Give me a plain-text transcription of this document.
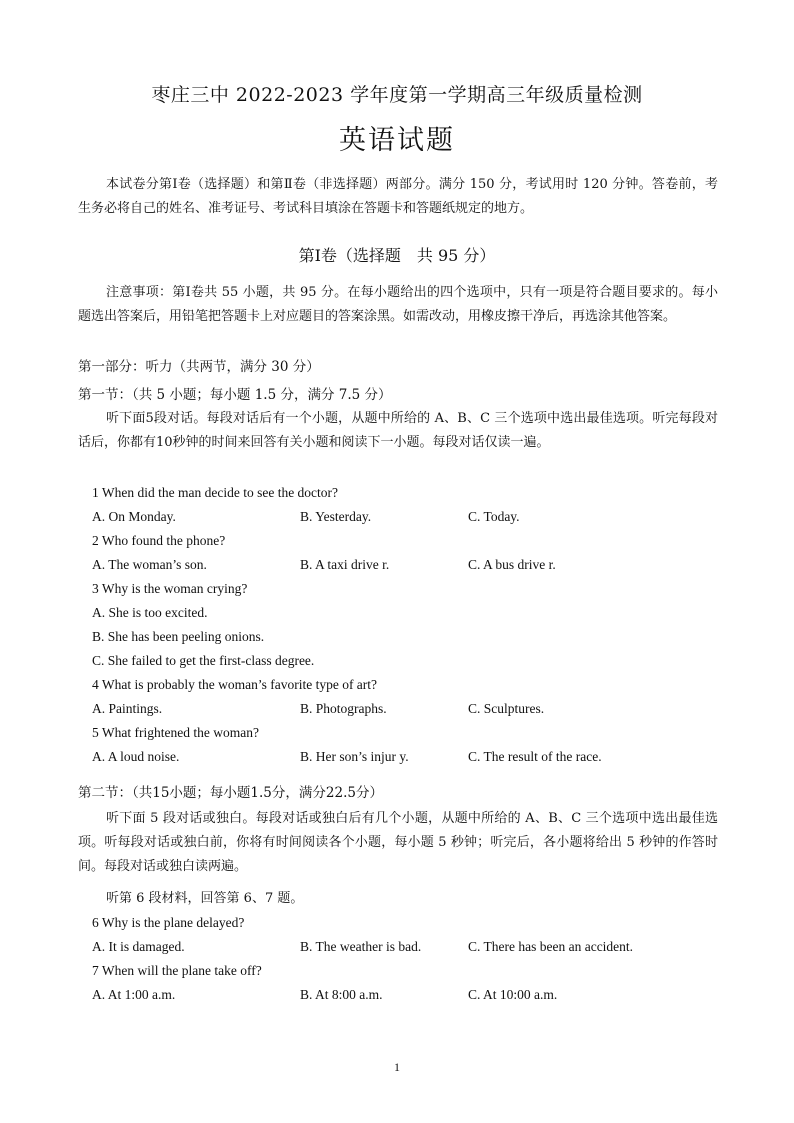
枣庄三中 2022-2023 学年度第一学期高三年级质量检测
英语试题
本试卷分第Ⅰ卷（选择题）和第Ⅱ卷（非选择题）两部分。满分 150 分，考试用时 120 分钟。答卷前，考生务必将自己的姓名、准考证号、考试科目填涂在答题卡和答题纸规定的地方。
第Ⅰ卷（选择题　共 95 分）
注意事项：第Ⅰ卷共 55 小题，共 95 分。在每小题给出的四个选项中，只有一项是符合题目要求的。每小题选出答案后，用铅笔把答题卡上对应题目的答案涂黑。如需改动，用橡皮擦干净后，再选涂其他答案。
第一部分：听力（共两节，满分 30 分）
第一节：（共 5 小题；每小题 1.5 分，满分 7.5 分）
听下面5段对话。每段对话后有一个小题，从题中所给的 A、B、C 三个选项中选出最佳选项。听完每段对话后，你都有10秒钟的时间来回答有关小题和阅读下一小题。每段对话仅读一遍。
1 When did the man decide to see the doctor?
A. On Monday.	B. Yesterday.	C. Today.
2 Who found the phone?
A. The woman’s son.	B. A taxi drive r.	C. A bus drive r.
3 Why is the woman crying?
A. She is too excited.
B. She has been peeling onions.
C. She failed to get the first-class degree.
4 What is probably the woman’s favorite type of art?
A. Paintings.	B. Photographs.	C. Sculptures.
5 What frightened the woman?
A. A loud noise.	B. Her son’s injur y.	C. The result of the race.
第二节：（共15小题；每小题1.5分，满分22.5分）
听下面 5 段对话或独白。每段对话或独白后有几个小题，从题中所给的 A、B、C 三个选项中选出最佳选项。听每段对话或独白前，你将有时间阅读各个小题，每小题 5 秒钟；听完后，各小题将给出 5 秒钟的作答时间。每段对话或独白读两遍。
听第 6 段材料，回答第 6、7 题。
6 Why is the plane delayed?
A. It is damaged.	B. The weather is bad.	C. There has been an accident.
7 When will the plane take off?
A. At 1:00 a.m.	B. At 8:00 a.m.	C. At 10:00 a.m.
1
